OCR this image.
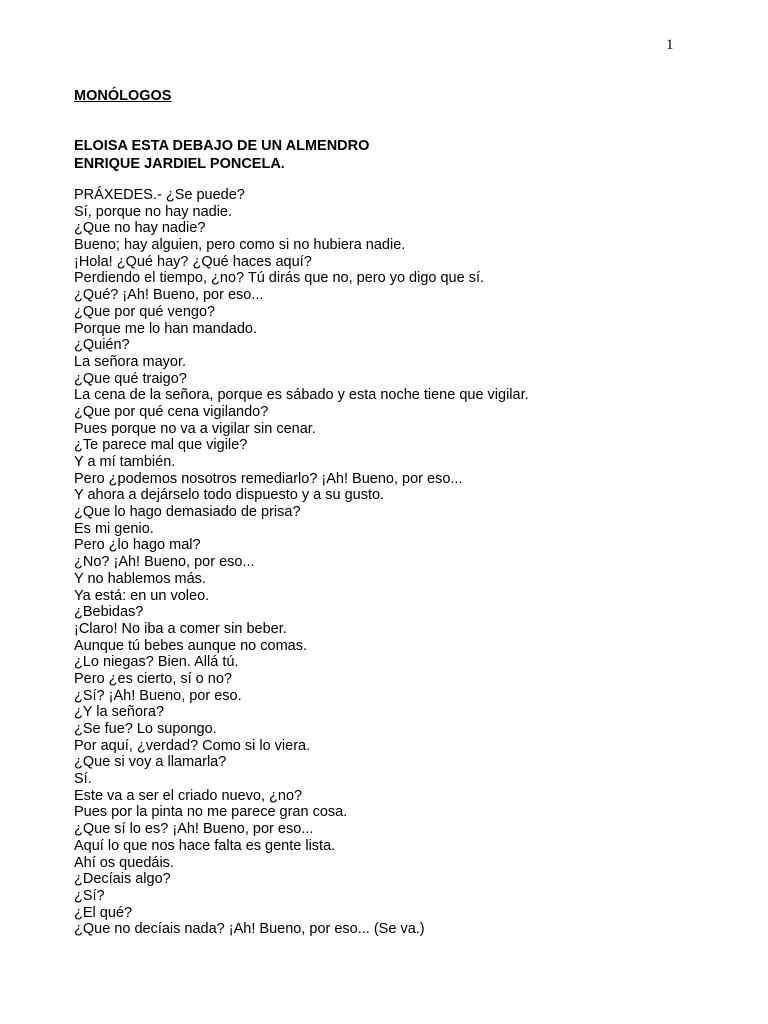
1
MONÓLOGOS
ELOISA ESTA DEBAJO DE UN ALMENDRO
ENRIQUE JARDIEL PONCELA.
PRÁXEDES.- ¿Se puede?
Sí, porque no hay nadie.
¿Que no hay nadie?
Bueno; hay alguien, pero como si no hubiera nadie.
¡Hola! ¿Qué hay? ¿Qué haces aquí?
Perdiendo el tiempo, ¿no? Tú dirás que no, pero yo digo que sí.
¿Qué? ¡Ah! Bueno, por eso...
¿Que por qué vengo?
Porque me lo han mandado.
¿Quién?
La señora mayor.
¿Que qué traigo?
La cena de la señora, porque es sábado y esta noche tiene que vigilar.
¿Que por qué cena vigilando?
Pues porque no va a vigilar sin cenar.
¿Te parece mal que vigile?
Y a mí también.
Pero ¿podemos nosotros remediarlo? ¡Ah! Bueno, por eso...
Y ahora a dejárselo todo dispuesto y a su gusto.
¿Que lo hago demasiado de prisa?
Es mi genio.
Pero ¿lo hago mal?
¿No? ¡Ah! Bueno, por eso...
Y no hablemos más.
Ya está: en un voleo.
¿Bebidas?
¡Claro! No iba a comer sin beber.
Aunque tú bebes aunque no comas.
¿Lo niegas? Bien. Allá tú.
Pero ¿es cierto, sí o no?
¿Sí? ¡Ah! Bueno, por eso.
¿Y la señora?
¿Se fue? Lo supongo.
Por aquí, ¿verdad? Como si lo viera.
¿Que si voy a llamarla?
Sí.
Este va a ser el criado nuevo, ¿no?
Pues por la pinta no me parece gran cosa.
¿Que sí lo es? ¡Ah! Bueno, por eso...
Aquí lo que nos hace falta es gente lista.
Ahí os quedáis.
¿Decíais algo?
¿Sí?
¿El qué?
¿Que no decíais nada? ¡Ah! Bueno, por eso... (Se va.)
